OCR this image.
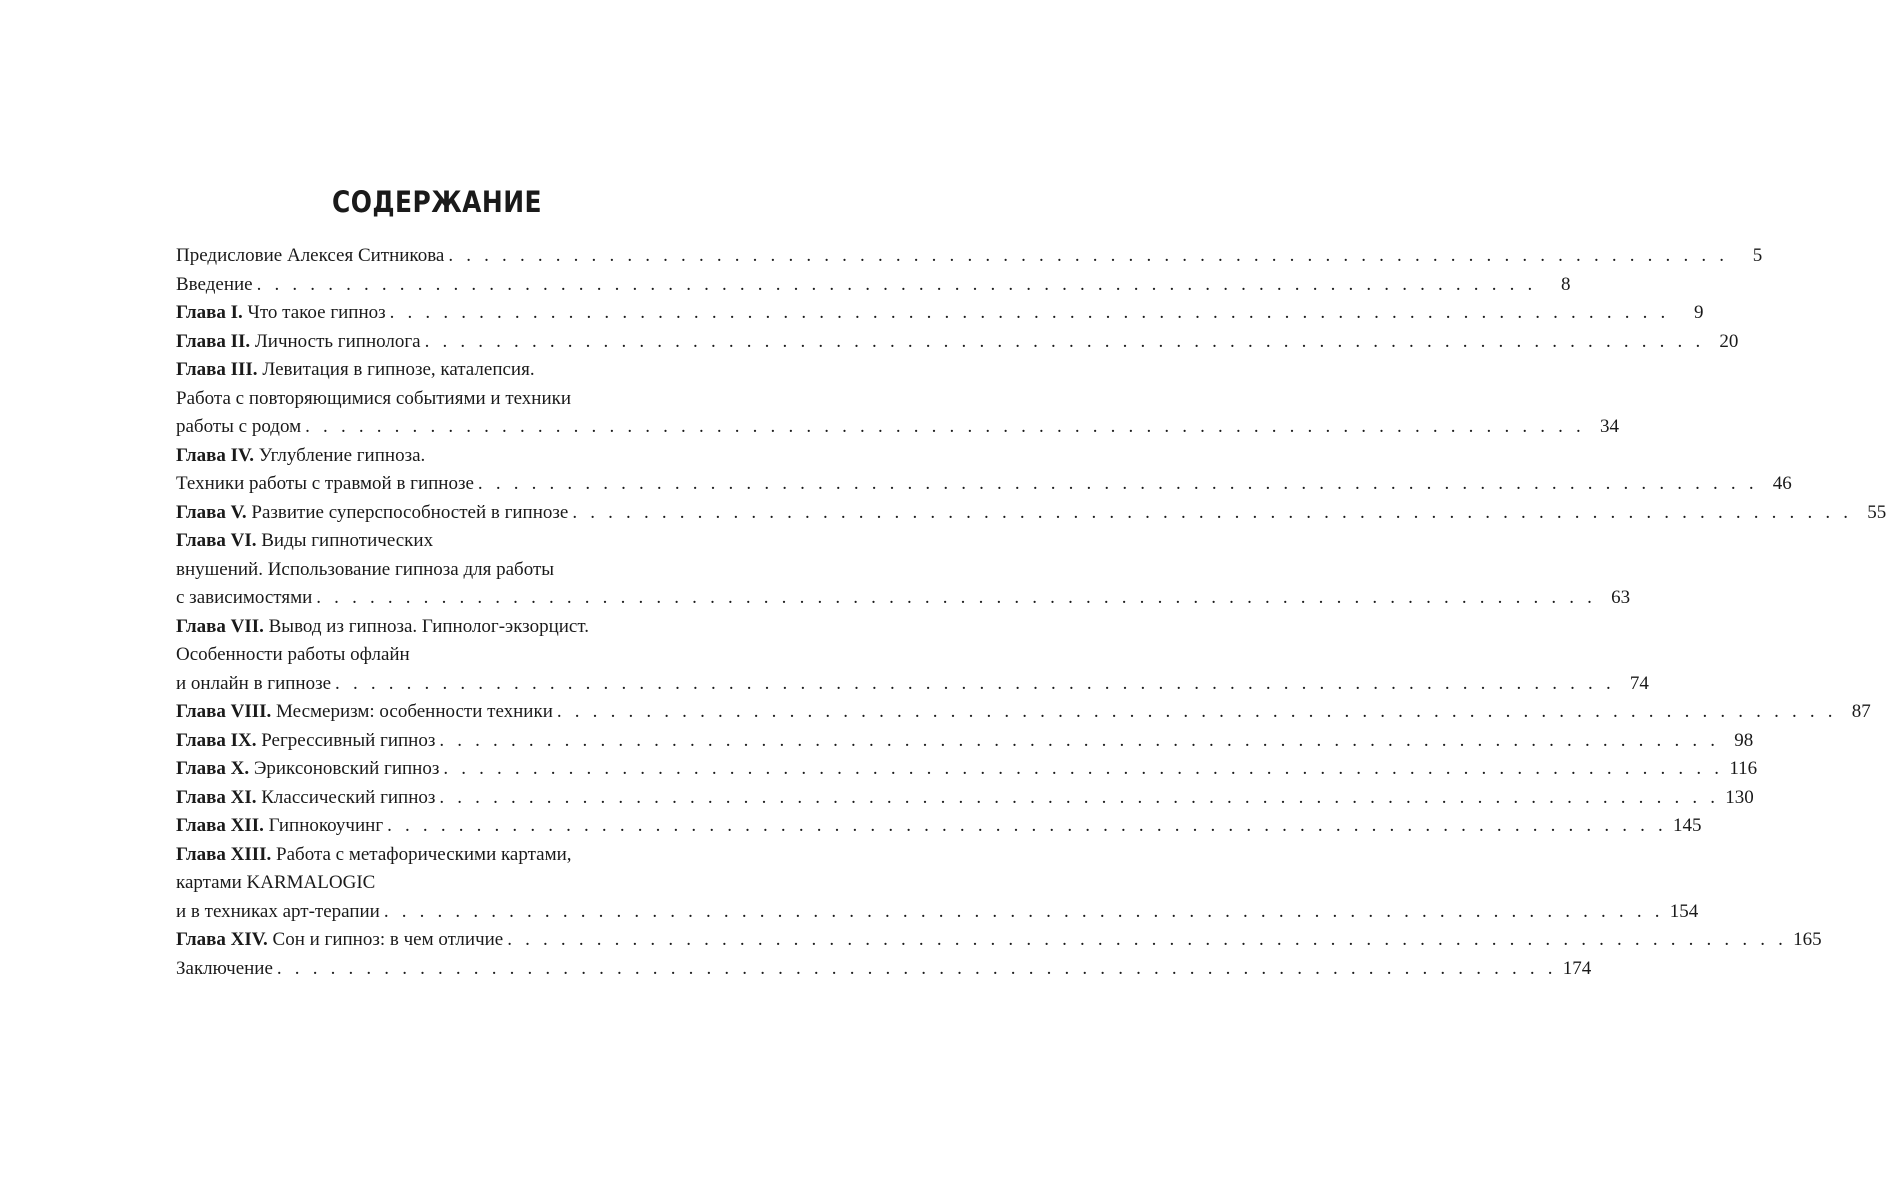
СОДЕРЖАНИЕ
Предисловие Алексея Ситникова . . . . . . . . . . . . . . . . . . . . . . . . . . . . . . . . . . . . . . . . . . . . . . . . . . . . . . . . . . . . . . . . . . . . . . . .	5
Введение . . . . . . . . . . . . . . . . . . . . . . . . . . . . . . . . . . . . . . . . . . . . . . . . . . . . . . . . . . . . . . . . . . . . . . . .	8
Глава I. Что такое гипноз . . . . . . . . . . . . . . . . . . . . . . . . . . . . . . . . . . . . . . . . . . . . . . . . . . . . . . . . . . . . . . . . . . . . . . . .	9
Глава II. Личность гипнолога . . . . . . . . . . . . . . . . . . . . . . . . . . . . . . . . . . . . . . . . . . . . . . . . . . . . . . . . . . . . . . . . . . . . . . . . 20
Глава III. Левитация в гипнозе, каталепсия.
Работа с повторяющимися событиями и техники
работы с родом . . . . . . . . . . . . . . . . . . . . . . . . . . . . . . . . . . . . . . . . . . . . . . . . . . . . . . . . . . . . . . . . . . . . . . . . 34
Глава IV. Углубление гипноза.
Техники работы с травмой в гипнозе . . . . . . . . . . . . . . . . . . . . . . . . . . . . . . . . . . . . . . . . . . . . . . . . . . . . . . . . . . . . . . . . . . . . . . . . 46
Глава V. Развитие суперспособностей в гипнозе . . . . . . . . . . . . . . . . . . . . . . . . . . . . . . . . . . . . . . . . . . . . . . . . . . . . . . . . . . . . . . . . . . . . . . . . 55
Глава VI. Виды гипнотических
внушений. Использование гипноза для работы
с зависимостями . . . . . . . . . . . . . . . . . . . . . . . . . . . . . . . . . . . . . . . . . . . . . . . . . . . . . . . . . . . . . . . . . . . . . . . . 63
Глава VII. Вывод из гипноза. Гипнолог-экзорцист.
Особенности работы офлайн
и онлайн в гипнозе . . . . . . . . . . . . . . . . . . . . . . . . . . . . . . . . . . . . . . . . . . . . . . . . . . . . . . . . . . . . . . . . . . . . . . . . 74
Глава VIII. Месмеризм: особенности техники . . . . . . . . . . . . . . . . . . . . . . . . . . . . . . . . . . . . . . . . . . . . . . . . . . . . . . . . . . . . . . . . . . . . . . . . 87
Глава IX. Регрессивный гипноз . . . . . . . . . . . . . . . . . . . . . . . . . . . . . . . . . . . . . . . . . . . . . . . . . . . . . . . . . . . . . . . . . . . . . . . . 98
Глава X. Эриксоновский гипноз . . . . . . . . . . . . . . . . . . . . . . . . . . . . . . . . . . . . . . . . . . . . . . . . . . . . . . . . . . . . . . . . . . . . . . . . 116
Глава XI. Классический гипноз . . . . . . . . . . . . . . . . . . . . . . . . . . . . . . . . . . . . . . . . . . . . . . . . . . . . . . . . . . . . . . . . . . . . . . . . 130
Глава XII. Гипнокоучинг . . . . . . . . . . . . . . . . . . . . . . . . . . . . . . . . . . . . . . . . . . . . . . . . . . . . . . . . . . . . . . . . . . . . . . . . 145
Глава XIII. Работа с метафорическими картами,
картами KARMALOGIC
и в техниках арт-терапии . . . . . . . . . . . . . . . . . . . . . . . . . . . . . . . . . . . . . . . . . . . . . . . . . . . . . . . . . . . . . . . . . . . . . . . . 154
Глава XIV. Сон и гипноз: в чем отличие . . . . . . . . . . . . . . . . . . . . . . . . . . . . . . . . . . . . . . . . . . . . . . . . . . . . . . . . . . . . . . . . . . . . . . . . 165
Заключение . . . . . . . . . . . . . . . . . . . . . . . . . . . . . . . . . . . . . . . . . . . . . . . . . . . . . . . . . . . . . . . . . . . . . . . . 174
